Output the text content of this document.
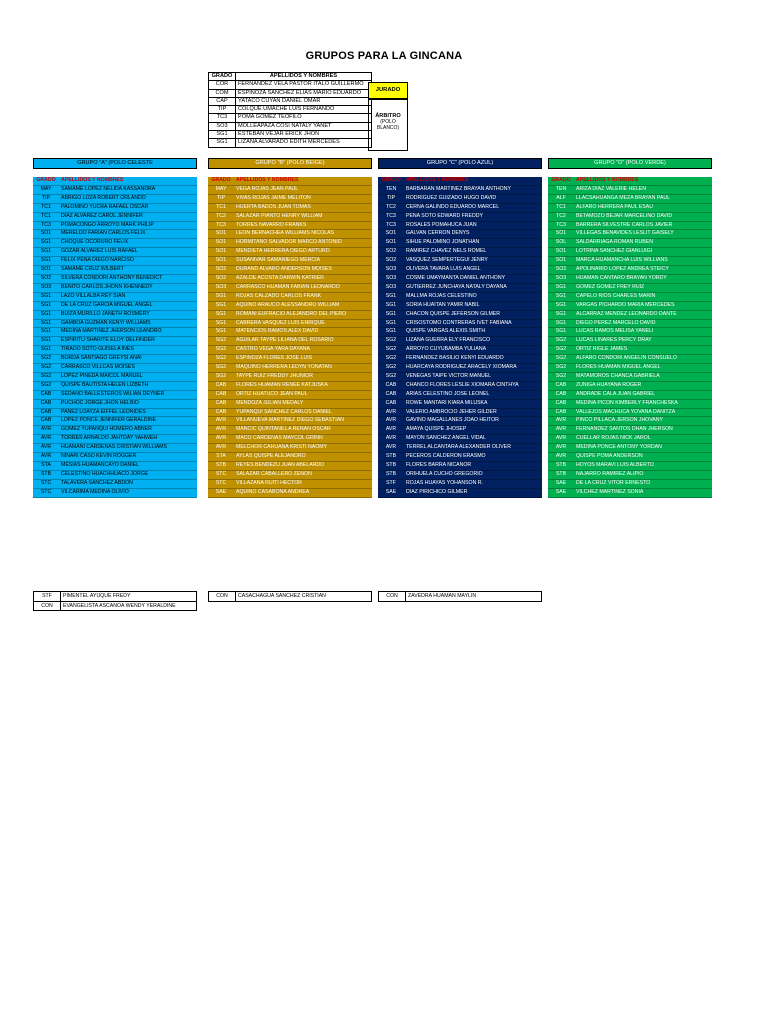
GRUPOS PARA LA GINCANA
GRADO	APELLIDOS Y NOMBRES
COR	FERNANDEZ VELA PASTOR ITALO GUILLERMO
COM	ESPINOZA SANCHEZ ELIAS MARIO EDUARDO
CAP	YATACO CUYAN DANIEL OMAR
TIP	COLQUE UMACHE LUIS FERNANDO
TC3	POMA GOMEZ TEOFILO
SO3	MOLLEAPAZA COSI NATALY YANET
SG1	ESTEBAN VEJAR ERICK JHON
SG1	LIZANA ALVARADO EDITH MERCEDES
JURADO
ÁRBITRO
(POLO BLANCO)
GRUPO "A" (POLO CELESTE
GRADO	APELLIDOS Y NOMBRES
MAY	SAMAME LOPEZ NELIDA KASSANDRA
TIP	ABRIGO LOZA ROBERT ORLANDO
TC1	PALOMINO YUCRA RAFAEL OSCAR
TC1	DIAZ ALVAREZ CAROL JENNIFER
TC3	POMACONGO ARROYO MARK PHILIP
SO1	MERELDO FARIAN CARLOS FELIX
SG1	CHOQUE OCORURO FELIX
SG1	GOZAR ALVAREZ LUIS RAFAEL
SG1	FELIX PEÑA DIEGO NARCISO
SO1	SAMAME CRUZ WILBERT
SO2	SILVERA CONDORI ANTHONY BENEDICT
SO3	BENITO CARLOS JHONN KHENNEDY
SG1	LAZO VILLALBA REY SIAN
SG1	DE LA CRUZ GARCIA MIGUEL ANGEL
SG1	BUIZA MURILLO JANETH ROSMERY
SG1	GAMBOA GUZMAN KENYI WILLIAMS
SG1	MEDINA MARTINEZ JHERSON LEANDRO
SG1	ESPIRITU SHARITE ELOY DELFINDER
SG1	TIRADO SOTO GUISELA INES
SG2	BORDA SANTIAGO GREYSI ANAI
SG2	CARRASCO VILLCAS MOISES
SG2	LOPEZ PINEDA MAICOL MANUEL
SG2	QUISPE BAUTISTA HELEN LIZBETH
CAB	SEDANO BALLESTEROS WILIAN DEYNER
CAB	PUCHOC JORGE JHON HELBIO
CAB	PANEZ LOAYZA EIFFEL LEONIDES
CAB	LOPEZ PONCE JENNIFER GERALDINE
AVR	GOMEZ YUPANQUI HOMERO ABNER
AVR	TORRES ARNALDO JAHTDAY YAHWEH
AVR	HUAMANI CARDENAS CRISTIAN WILLIAMS
AVR	NINARI CASO KEVIN ROGGER
STA	MESIAS HUAMANCAYO DANIEL
STB	CELESTINO HUACHHUACO JORGE
STC	TALAVERA SANCHEZ ABDON
STC	VILCARIMA MEDINA OLIVIO
STF	PIMENTEL AYUQUE FREDY
CON	EVANGELISTA ASCANOA WENDY YERALDINE
GRUPO "B" (POLO BEIGE)
GRADO	APELLIDOS Y NOMBRES
MAY	VEGA ROJAS JEAN PAUL
TIP	VIVAS ROJAS JAIME MELITON
TC1	HUERTA BADOS JUAN TOMAS
TC2	SALAZAR PIANTO HENRY WILLIAM
TC3	TORRES NAVARRO FRANKS
SO1	LEON BERNACHEA WILLIAMS NICOLAS
SO1	HORMITAÑO SALVADOR MARCO ANTONIO
SO1	MENDIETA HERRERA DIEGO ARTURO
SO1	SUSANIVAR SAMANIEGO MERCIA
SO2	DURAND ALVARO ANDERSON MOISES
SO2	AZALDE ACOSTA DARWIN KATRIER
SO3	CARRASCO HUAMAN FABIAN LEONARDO
SG1	ROJAS CALZADO CARLOS FRANK
SG1	AQUINO ARAUCO ALESSANDRO WILLIAM
SG1	ROMANI EUFRACIO ALEJANDRO DEL PIERO
SG1	CABRERA VASQUEZ LUIS ENRIQUE
SG1	MATENCIOS RAMOS ALEX DAVID
SG2	AGUILAR TAYPE LILIANA DEL ROSARIO
SG2	CASTRO VEGA YARA DAYANA
SG2	ESPINOZA FLORES JOSE LUIS
SG2	MAQUINO HERRERA LEDYN YONATAN
SG2	TAYPE RUIZ FREDDY JHUNIOR
CAB	FLORES HUAMAN RENEE KATJUSKA
CAB	ORTIZ HUATUCO JEAN PAUL
CAB	MENDOZA JULIAN MEDALY
CAB	YUPANQUI SANCHEZ CARLOS DANIEL
AVR	VILLANUEVA MARTINEZ DIEGO SEBASTIAN
AVR	MANCIC QUINTANILLA RENAN OSCAR
AVR	MACO CARDENAS MAYCOL GRINN
AVR	MELCHOR CAHUANA KRISTI NAOMY
STA	AYLAS QUISPE ALEJANDRO
STB	REYES BENDEZU JUAN ABELARDO
STC	SALAZAR CABALLERO ZENON
STC	VILLAZANA RUITI HECTOR
SAE	AQUINO CASABONA ANDREA
CON	CASACHAGUA SANCHEZ CRISTIAN
GRUPO "C" (POLO AZUL)
GRADO	APELLIDOS Y NOMBRES
TEN	BARBARAN MARTINEZ BRAYAN ANTHONY
TIP	RODRIGUEZ GUIZADO HUGO DAVID
TC2	CERNA GALINDO EDUARDO MARCEL
TC3	PEÑA SOTO EDWARD FREDDY
TC3	ROSALES POMAHUCA JUAN
SO1	GALVAN CERRON DENYS
SO1	SIHUE PALOMINO JONATHAN
SO2	RAMIREZ CHAVEZ NELS ROMEL
SO2	VASQUEZ SEMPERTEGUI JENRY
SO3	OLIVERA TAVARA LUIS ANGEL
SO3	COSME UMAYMANTA DANIEL ANTHONY
SO3	GUTIERREZ JUNCHAYA NATALY DAYANA
SG1	MALLMA ROJAS CELESTINO
SG1	SORIA HUAITAN YAMIR NABIL
SG1	CHACON QUISPE JEFERSON GILMER
SG1	CRISOSTOMO CONTRERAS IVET FABIANA
SG1	QUISPE VARGAS ALEXIS SMITH
SG2	LIZANA GUERRA ELY FRANCISCO
SG2	ARROYO CUYUBAMBA YULIANA
SG2	FERNANDEZ BASILIO KENYI EDUARDO
SG2	HUARCAYA RODRIGUEZ ARACELY XIOMARA
SG2	VENEGAS TAIPE VICTOR MANUEL
CAB	CHANCO FLORES LESLIE XIOMARA CINTHYA
CAB	ARIAS CELESTINO JOSE LEONEL
CAB	ROWE MANTARI KIARA MILUSKA
AVR	VALERIO AMBROCIO JEHER GILDER
AVR	GAVINO MAGALLANES JOAO HEITOR
AVR	AMAYA QUISPE JHOSEP
AVR	MAYON SANCHEZ ANGEL VIDAL
AVR	TERREL ALCANTARA ALEXANDER OLIVER
STB	PECEROS CALDERON ERASMO
STB	FLORES BARRA NICANOR
STB	ORIHUELA CUCHO GREGORIO
STF	ROJAS HUAYAS YOHANSON R.
SAE	DIAZ PIRICHICO GILMER
CON	ZAVEDRA HUAMAN MAYLIN
GRUPO "D" (POLO VERDE)
GRADO	APELLIDOS Y NOMBRES
TEN	ARIZA DIAZ VALERIE HELEN
ALF	LLACSAHUANGA MEZA BRAYAN PAUL
TC1	ALFARO HERRERA PAUL ESAU
TC2	BETAMOZO BEJAR MARCELINO DAVID
TC3	BARRERA SILVESTRE CARLOS JAVIER
SO1	VILLEGAS BENAVIDES LESLIT GAISELY
SOL	SALDARRIAGA ROMAN RUBEN
SO1	LOTRINA SANCHEZ GIANLUIGI
SO1	MARCA HUAMANCHA LUIS WILLIANS
SO2	APOLINARIO LOPEZ ANDREA STEICY
SO3	HUAMAN CANTARO BRAYAN YORDY
SG1	GOMEZ GOMEZ FREY RUIZ
SG1	CAPELO RIOS CHARLES MARIN
SG1	VARGAS PICHARDO MARIA MERCEDES
SG1	ALCARRAZ MENDEZ LEONARDO DANTE
SG1	DIEGO PEREZ MARCELO DAVID
SG1	LUCAS RAMOS MELISA YANELI
SG2	LUCAS LINARES PERCY DRAY
SG2	ORTIZ RIGLE JAMES
SG2	ALFARO CONDORI ANGELIN CONSUELO
SG2	FLORES HUAMAN MIGUEL ANGEL
SG2	MATAMOROS CHANCA GABRIELA
CAB	ZUÑIGA HUAYANA ROGER
CAB	ANDRADE CALA JUAN GABRIEL
CAB	MEDINA PICON KIMBERLY FRANCHESKA
CAB	VALLEJOS MACHUCA YOVANA DANITZA
AVR	PINCO PILLACA JERSON JHOVANY
AVR	FERNANDEZ SANTOS DHAN JHERSON
AVR	CUELLAR ROJAS NICK JAROL
AVR	MEDINA PONCE ANTONY YORDAN
AVR	QUISPE POMA ANDERSON
STB	HOYOS MARAVI LUIS ALBERTO
STB	NAJARRO RAMIREZ ALIPIO
SAE	DE LA CRUZ VITOR ERNESTO
SAE	VILCHEZ MARTINEZ SONIA
